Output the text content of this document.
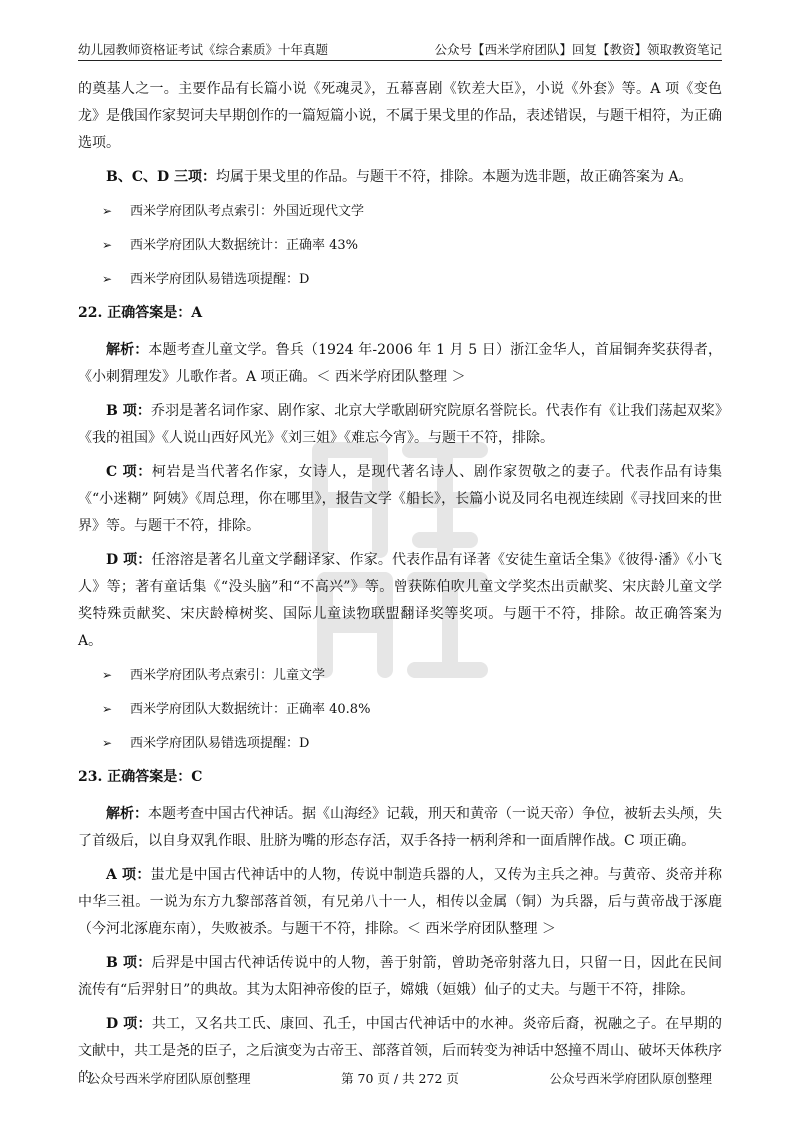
幼儿园教师资格证考试《综合素质》十年真题	公众号【西米学府团队】回复【教资】领取教资笔记

的奠基人之一。主要作品有长篇小说《死魂灵》，五幕喜剧《钦差大臣》，小说《外套》等。A 项《变色龙》是俄国作家契诃夫早期创作的一篇短篇小说，不属于果戈里的作品，表述错误，与题干相符，为正确选项。

B、C、D 三项：均属于果戈里的作品。与题干不符，排除。本题为选非题，故正确答案为 A。

➢ 西米学府团队考点索引：外国近现代文学
➢ 西米学府团队大数据统计：正确率 43%
➢ 西米学府团队易错选项提醒：D
22. 正确答案是：A

解析：本题考查儿童文学。鲁兵（1924 年-2006 年 1 月 5 日）浙江金华人，首届铜奔奖获得者，《小刺猬理发》儿歌作者。A 项正确。＜ 西米学府团队整理 ＞

B 项：乔羽是著名词作家、剧作家、北京大学歌剧研究院原名誉院长。代表作有《让我们荡起双桨》《我的祖国》《人说山西好风光》《刘三姐》《难忘今宵》。与题干不符，排除。

C 项：柯岩是当代著名作家，女诗人，是现代著名诗人、剧作家贺敬之的妻子。代表作品有诗集《“小迷糊” 阿姨》《周总理，你在哪里》，报告文学《船长》，长篇小说及同名电视连续剧《寻找回来的世界》等。与题干不符，排除。

D 项：任溶溶是著名儿童文学翻译家、作家。代表作品有译著《安徒生童话全集》《彼得·潘》《小飞人》等；著有童话集《“没头脑”和“不高兴”》等。曾获陈伯吹儿童文学奖杰出贡献奖、宋庆龄儿童文学奖特殊贡献奖、宋庆龄樟树奖、国际儿童读物联盟翻译奖等奖项。与题干不符，排除。故正确答案为 A。

➢ 西米学府团队考点索引：儿童文学
➢ 西米学府团队大数据统计：正确率 40.8%
➢ 西米学府团队易错选项提醒：D
23. 正确答案是：C

解析：本题考查中国古代神话。据《山海经》记载，刑天和黄帝（一说天帝）争位，被斩去头颅，失了首级后，以自身双乳作眼、肚脐为嘴的形态存活，双手各持一柄利斧和一面盾牌作战。C 项正确。

A 项：蚩尤是中国古代神话中的人物，传说中制造兵器的人，又传为主兵之神。与黄帝、炎帝并称中华三祖。一说为东方九黎部落首领，有兄弟八十一人，相传以金属（铜）为兵器，后与黄帝战于涿鹿（今河北涿鹿东南），失败被杀。与题干不符，排除。＜ 西米学府团队整理 ＞

B 项：后羿是中国古代神话传说中的人物，善于射箭，曾助尧帝射落九日，只留一日，因此在民间流传有“后羿射日”的典故。其为太阳神帝俊的臣子，嫦娥（姮娥）仙子的丈夫。与题干不符，排除。

D 项：共工，又名共工氏、康回、孔壬，中国古代神话中的水神。炎帝后裔，祝融之子。在早期的文献中，共工是尧的臣子，之后演变为古帝王、部落首领，后而转变为神话中怒撞不周山、破坏天体秩序的

公众号西米学府团队原创整理	第 70 页 / 共 272 页	公众号西米学府团队原创整理
